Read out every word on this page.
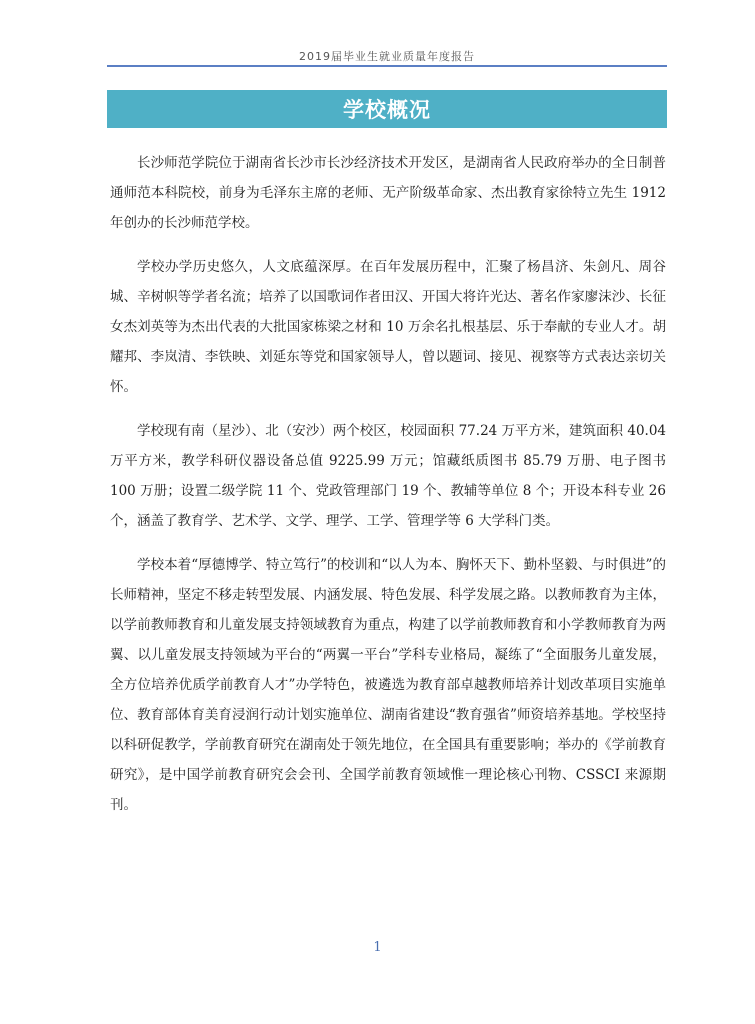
2019届毕业生就业质量年度报告
学校概况

长沙师范学院位于湖南省长沙市长沙经济技术开发区，是湖南省人民政府举办的全日制普通师范本科院校，前身为毛泽东主席的老师、无产阶级革命家、杰出教育家徐特立先生 1912 年创办的长沙师范学校。

学校办学历史悠久，人文底蕴深厚。在百年发展历程中，汇聚了杨昌济、朱剑凡、周谷城、辛树帜等学者名流；培养了以国歌词作者田汉、开国大将许光达、著名作家廖沫沙、长征女杰刘英等为杰出代表的大批国家栋梁之材和 10 万余名扎根基层、乐于奉献的专业人才。胡耀邦、李岚清、李铁映、刘延东等党和国家领导人，曾以题词、接见、视察等方式表达亲切关怀。

学校现有南（星沙）、北（安沙）两个校区，校园面积 77.24 万平方米，建筑面积 40.04 万平方米，教学科研仪器设备总值 9225.99 万元；馆藏纸质图书 85.79 万册、电子图书 100 万册；设置二级学院 11 个、党政管理部门 19 个、教辅等单位 8 个；开设本科专业 26 个，涵盖了教育学、艺术学、文学、理学、工学、管理学等 6 大学科门类。

学校本着“厚德博学、特立笃行”的校训和“以人为本、胸怀天下、勤朴坚毅、与时俱进”的长师精神，坚定不移走转型发展、内涵发展、特色发展、科学发展之路。以教师教育为主体，以学前教师教育和儿童发展支持领域教育为重点，构建了以学前教师教育和小学教师教育为两翼、以儿童发展支持领域为平台的“两翼一平台”学科专业格局，凝练了“全面服务儿童发展，全方位培养优质学前教育人才”办学特色，被遴选为教育部卓越教师培养计划改革项目实施单位、教育部体育美育浸润行动计划实施单位、湖南省建设“教育强省”师资培养基地。学校坚持以科研促教学，学前教育研究在湖南处于领先地位，在全国具有重要影响；举办的《学前教育研究》，是中国学前教育研究会会刊、全国学前教育领域惟一理论核心刊物、CSSCI 来源期刊。

1
